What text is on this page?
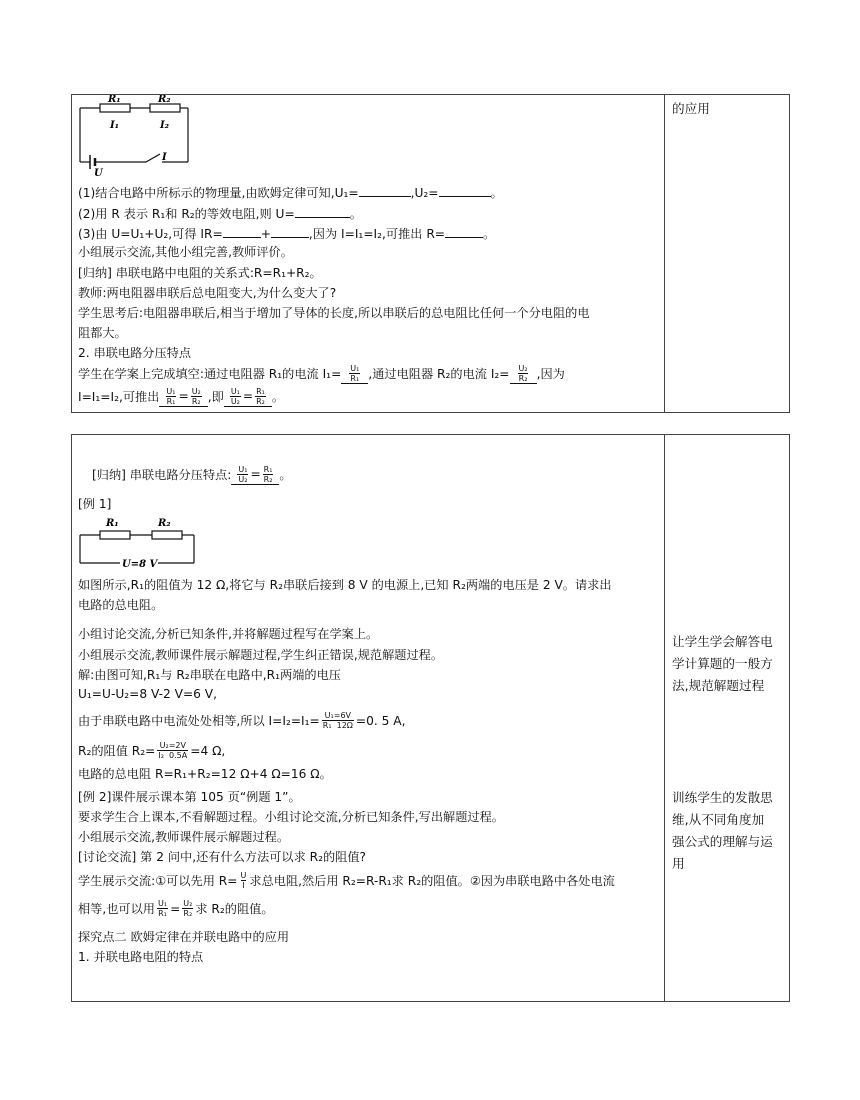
的应用
R₁	R₂
I₁	I₂
I
U
(1)结合电路中所标示的物理量,由欧姆定律可知,U₁=	,U₂=	。
(2)用 R 表示 R₁和 R₂的等效电阻,则 U=	。
(3)由 U=U₁+U₂,可得 IR=	+	,因为 I=I₁=I₂,可推出 R=	。
小组展示交流,其他小组完善,教师评价。
[归纳] 串联电路中电阻的关系式:R=R₁+R₂。
教师:两电阻器串联后总电阻变大,为什么变大了?
学生思考后:电阻器串联后,相当于增加了导体的长度,所以串联后的总电阻比任何一个分电阻的电
阻都大。
2. 串联电路分压特点
学生在学案上完成填空:通过电阻器 R₁的电流 $I_1= \frac{\text{U₁}}{\text{R₁}}$ ,通过电阻器 R₂的电流 $I_2= \frac{\text{U₂}}{\text{R₂}}$ ,因为
I=I₁=I₂,可推出 $\frac{\text{U₁}}{\text{R₁}} = \frac{\text{U₂}}{\text{R₂}}$ ,即 $\frac{\text{U₁}}{\text{U₂}} = \frac{\text{R₁}}{\text{R₂}}$ 。
[归纳] 串联电路分压特点: $\frac{\text{U₁}}{\text{U₂}} = \frac{\text{R₁}}{\text{R₂}}$ 。
[例 1]
R₁	R₂
U=8 V
如图所示,R₁的阻值为 12 Ω,将它与 R₂串联后接到 8 V 的电源上,已知 R₂两端的电压是 2 V。请求出
电路的总电阻。
小组讨论交流,分析已知条件,并将解题过程写在学案上。
小组展示交流,教师课件展示解题过程,学生纠正错误,规范解题过程。
解:由图可知,R₁与 R₂串联在电路中,R₁两端的电压
U₁=U-U₂=8 V-2 V=6 V,
由于串联电路中电流处处相等,所以 $I=I_2=I_1= \frac{\text{U₁=6V}}{\text{R₁ 12Ω}} =0$. 5 A,
R₂的阻值 $R_2= \frac{\text{U₂=2V}}{\text{I₂ 0.5A}} =4$ Ω,
电路的总电阻 R=R₁+R₂=12 Ω+4 Ω=16 Ω。
[例 2]课件展示课本第 105 页“例题 1”。
要求学生合上课本,不看解题过程。小组讨论交流,分析已知条件,写出解题过程。
小组展示交流,教师课件展示解题过程。
[讨论交流] 第 2 问中,还有什么方法可以求 R₂的阻值?
学生展示交流:①可以先用 $R= \frac{U}{I}$ 求总电阻,然后用 R₂=R-R₁求 R₂的阻值。②因为串联电路中各处电流
相等,也可以用 $\frac{\text{U₁}}{\text{R₁}} = \frac{\text{U₂}}{\text{R₂}}$ 求 R₂的阻值。
探究点二 欧姆定律在并联电路中的应用
1. 并联电路电阻的特点
让学生学会解答电
学计算题的一般方
法,规范解题过程
训练学生的发散思
维,从不同角度加
强公式的理解与运
用
